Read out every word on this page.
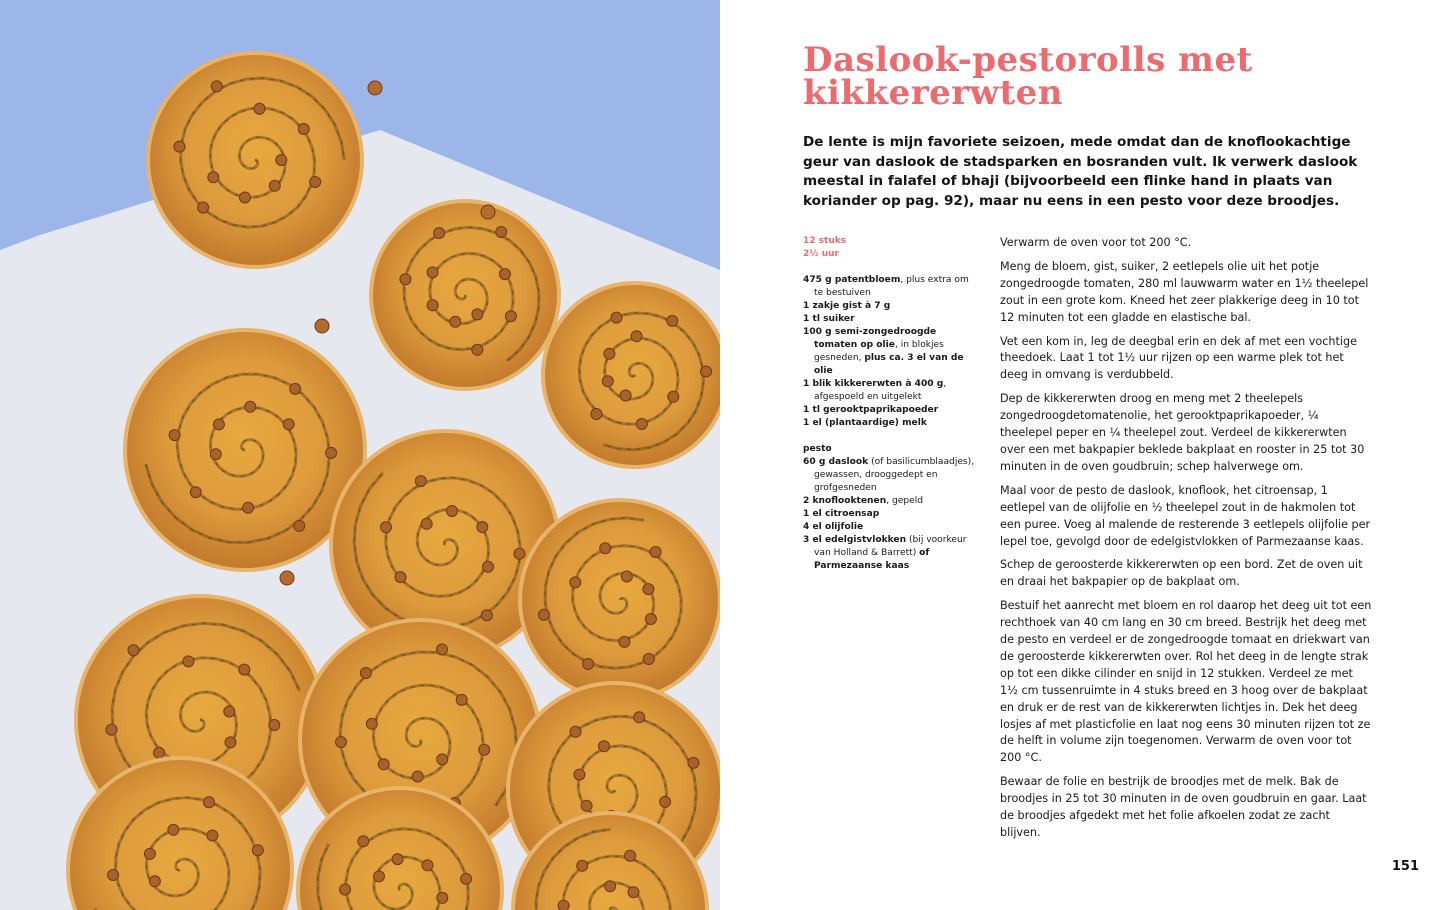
Daslook-pestorolls met kikkererwten

De lente is mijn favoriete seizoen, mede omdat dan de knoflookachtige geur van daslook de stadsparken en bosranden vult. Ik verwerk daslook meestal in falafel of bhaji (bijvoorbeeld een flinke hand in plaats van koriander op pag. 92), maar nu eens in een pesto voor deze broodjes.

12 stuks
2½ uur

475 g patentbloem, plus extra om te bestuiven

1 zakje gist à 7 g

1 tl suiker

100 g semi-zongedroogde tomaten op olie, in blokjes gesneden, plus ca. 3 el van de olie

1 blik kikkererwten à 400 g, afgespoeld en uitgelekt

1 tl gerooktpaprikapoeder

1 el (plantaardige) melk

pesto

60 g daslook (of basilicumblaadjes), gewassen, drooggedept en grofgesneden

2 knoflooktenen, gepeld

1 el citroensap

4 el olijfolie

3 el edelgistvlokken (bij voorkeur van Holland & Barrett) of Parmezaanse kaas

Verwarm de oven voor tot 200 °C.

Meng de bloem, gist, suiker, 2 eetlepels olie uit het potje zongedroogde tomaten, 280 ml lauwwarm water en 1½ theelepel zout in een grote kom. Kneed het zeer plakkerige deeg in 10 tot 12 minuten tot een gladde en elastische bal.

Vet een kom in, leg de deegbal erin en dek af met een vochtige theedoek. Laat 1 tot 1½ uur rijzen op een warme plek tot het deeg in omvang is verdubbeld.

Dep de kikkererwten droog en meng met 2 theelepels zongedroogdetomatenolie, het gerooktpaprikapoeder, ¼ theelepel peper en ¼ theelepel zout. Verdeel de kikkererwten over een met bakpapier beklede bakplaat en rooster in 25 tot 30 minuten in de oven goudbruin; schep halverwege om.

Maal voor de pesto de daslook, knoflook, het citroensap, 1 eetlepel van de olijfolie en ½ theelepel zout in de hakmolen tot een puree. Voeg al malende de resterende 3 eetlepels olijfolie per lepel toe, gevolgd door de edelgistvlokken of Parmezaanse kaas.

Schep de geroosterde kikkererwten op een bord. Zet de oven uit en draai het bakpapier op de bakplaat om.

Bestuif het aanrecht met bloem en rol daarop het deeg uit tot een rechthoek van 40 cm lang en 30 cm breed. Bestrijk het deeg met de pesto en verdeel er de zongedroogde tomaat en driekwart van de geroosterde kikkererwten over. Rol het deeg in de lengte strak op tot een dikke cilinder en snijd in 12 stukken. Verdeel ze met 1½ cm tussenruimte in 4 stuks breed en 3 hoog over de bakplaat en druk er de rest van de kikkererwten lichtjes in. Dek het deeg losjes af met plasticfolie en laat nog eens 30 minuten rijzen tot ze de helft in volume zijn toegenomen. Verwarm de oven voor tot 200 °C.

Bewaar de folie en bestrijk de broodjes met de melk. Bak de broodjes in 25 tot 30 minuten in de oven goudbruin en gaar. Laat de broodjes afgedekt met het folie afkoelen zodat ze zacht blijven.

151
